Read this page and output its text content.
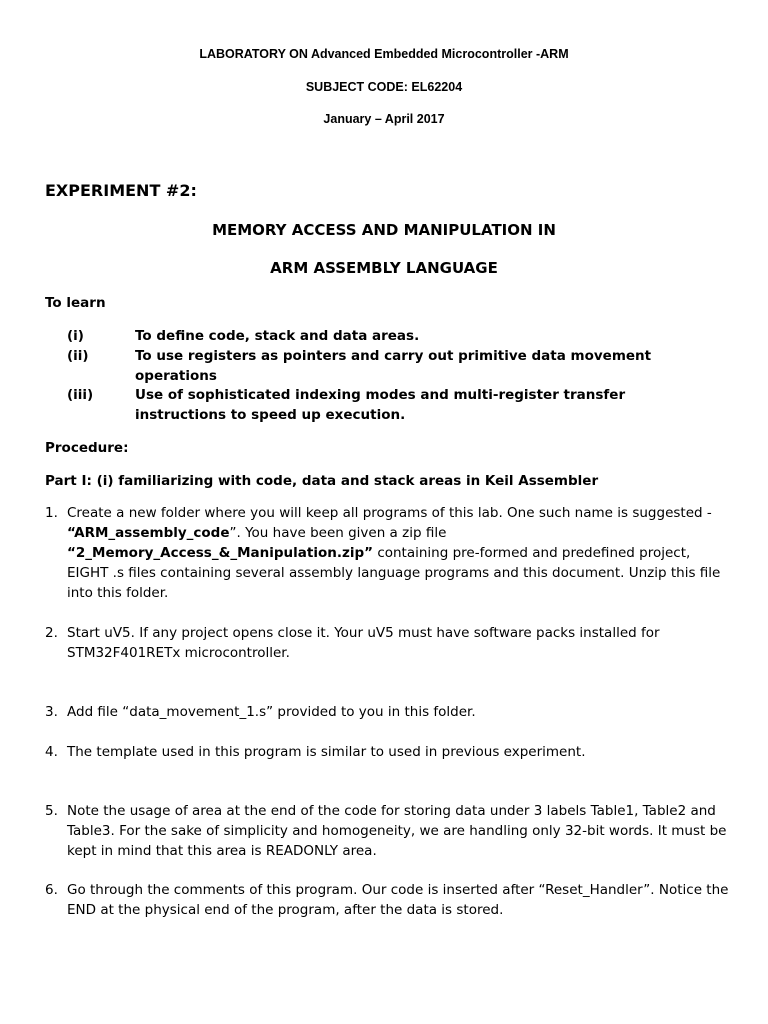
LABORATORY ON Advanced Embedded Microcontroller -ARM
SUBJECT CODE: EL62204
January – April 2017
EXPERIMENT #2:
MEMORY ACCESS AND MANIPULATION IN
ARM ASSEMBLY LANGUAGE
To learn
(i)	To define code, stack and data areas.
(ii)	To use registers as pointers and carry out primitive data movement operations
(iii)	Use of sophisticated indexing modes and multi-register transfer instructions to speed up execution.
Procedure:
Part I: (i) familiarizing with code, data and stack areas in Keil Assembler
1. Create a new folder where you will keep all programs of this lab. One such name is suggested - “ARM_assembly_code”. You have been given a zip file “2_Memory_Access_&_Manipulation.zip” containing pre-formed and predefined project, EIGHT .s files containing several assembly language programs and this document. Unzip this file into this folder.
2. Start uV5. If any project opens close it. Your uV5 must have software packs installed for STM32F401RETx microcontroller.
3. Add file “data_movement_1.s” provided to you in this folder.
4. The template used in this program is similar to used in previous experiment.
5. Note the usage of area at the end of the code for storing data under 3 labels Table1, Table2 and Table3. For the sake of simplicity and homogeneity, we are handling only 32-bit words. It must be kept in mind that this area is READONLY area.
6. Go through the comments of this program. Our code is inserted after “Reset_Handler”. Notice the END at the physical end of the program, after the data is stored.
